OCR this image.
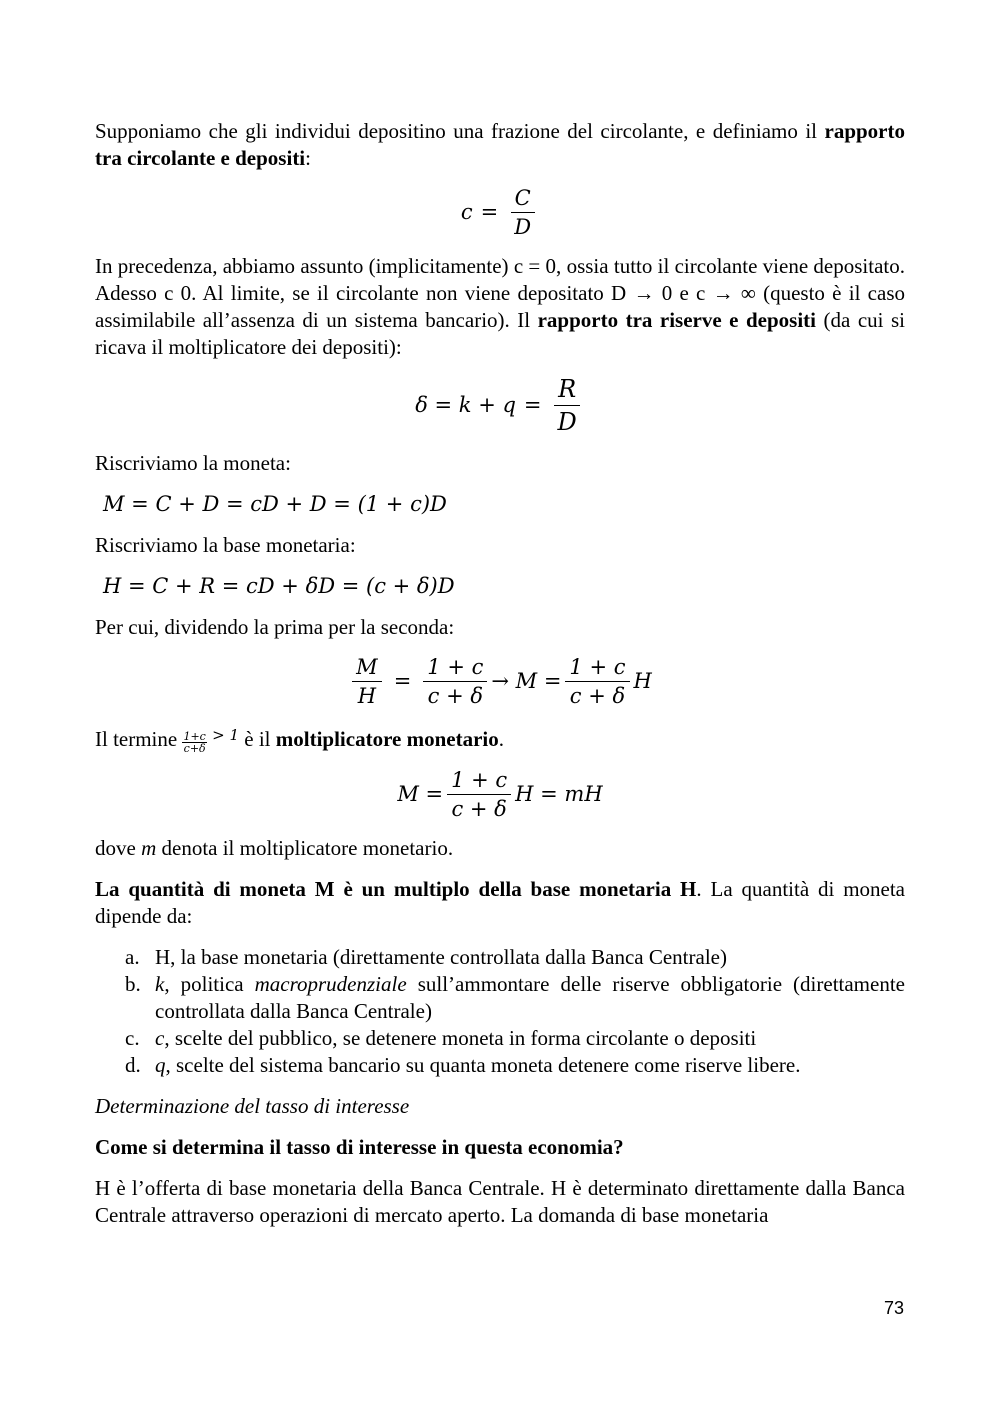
Supponiamo che gli individui depositino una frazione del circolante, e definiamo il rapporto tra circolante e depositi:

$c = \frac{C}{D}$

In precedenza, abbiamo assunto (implicitamente) c = 0, ossia tutto il circolante viene depositato. Adesso c 0. Al limite, se il circolante non viene depositato D → 0 e c → ∞ (questo è il caso assimilabile all’assenza di un sistema bancario). Il rapporto tra riserve e depositi (da cui si ricava il moltiplicatore dei depositi):

$\delta = k + q = \frac{R}{D}$

Riscriviamo la moneta:

M = C + D = cD + D = (1 + c)D

Riscriviamo la base monetaria:

H = C + R = cD + δD = (c + δ)D

Per cui, dividendo la prima per la seconda:

$\frac{M}{H} = \frac{1 + c}{c + \delta} \to M = \frac{1 + c}{c + \delta}$ H

Il termine $\frac{1+c}{c+\delta} ^{> 1}$ è il moltiplicatore monetario.

$M = \frac{1 + c}{c + \delta}$ H = mH

dove m denota il moltiplicatore monetario.

La quantità di moneta M è un multiplo della base monetaria H. La quantità di moneta dipende da:

a. H, la base monetaria (direttamente controllata dalla Banca Centrale)
b. k, politica macroprudenziale sull’ammontare delle riserve obbligatorie (direttamente controllata dalla Banca Centrale)
c. c, scelte del pubblico, se detenere moneta in forma circolante o depositi
d. q, scelte del sistema bancario su quanta moneta detenere come riserve libere.

Determinazione del tasso di interesse

Come si determina il tasso di interesse in questa economia?

H è l’offerta di base monetaria della Banca Centrale. H è determinato direttamente dalla Banca Centrale attraverso operazioni di mercato aperto. La domanda di base monetaria

73
